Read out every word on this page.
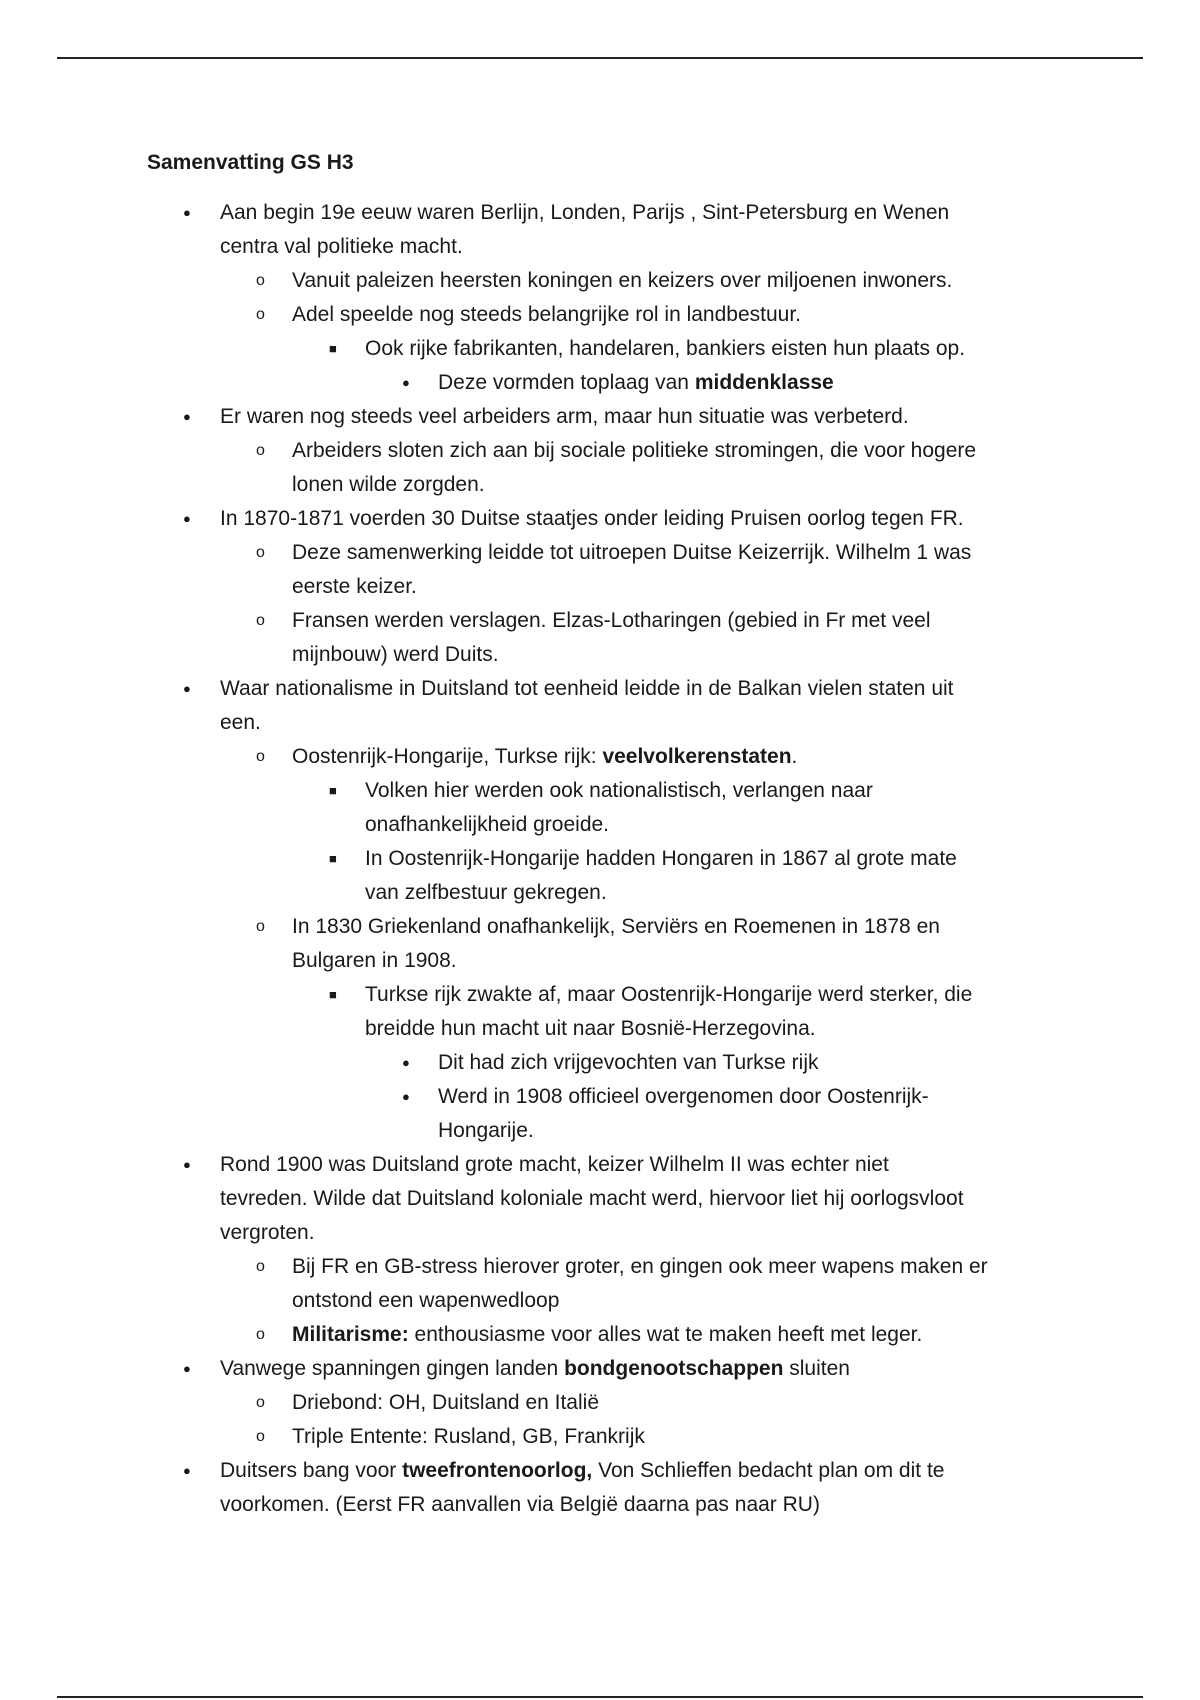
Samenvatting GS H3
● Aan begin 19e eeuw waren Berlijn, Londen, Parijs , Sint-Petersburg en Wenen
centra val politieke macht.
o Vanuit paleizen heersten koningen en keizers over miljoenen inwoners.
o Adel speelde nog steeds belangrijke rol in landbestuur.
■ Ook rijke fabrikanten, handelaren, bankiers eisten hun plaats op.
● Deze vormden toplaag van middenklasse
● Er waren nog steeds veel arbeiders arm, maar hun situatie was verbeterd.
o Arbeiders sloten zich aan bij sociale politieke stromingen, die voor hogere
lonen wilde zorgden.
● In 1870-1871 voerden 30 Duitse staatjes onder leiding Pruisen oorlog tegen FR.
o Deze samenwerking leidde tot uitroepen Duitse Keizerrijk. Wilhelm 1 was
eerste keizer.
o Fransen werden verslagen. Elzas-Lotharingen (gebied in Fr met veel
mijnbouw) werd Duits.
● Waar nationalisme in Duitsland tot eenheid leidde in de Balkan vielen staten uit
een.
o Oostenrijk-Hongarije, Turkse rijk: veelvolkerenstaten.
■ Volken hier werden ook nationalistisch, verlangen naar
onafhankelijkheid groeide.
■ In Oostenrijk-Hongarije hadden Hongaren in 1867 al grote mate
van zelfbestuur gekregen.
o In 1830 Griekenland onafhankelijk, Serviërs en Roemenen in 1878 en
Bulgaren in 1908.
■ Turkse rijk zwakte af, maar Oostenrijk-Hongarije werd sterker, die
breidde hun macht uit naar Bosnië-Herzegovina.
● Dit had zich vrijgevochten van Turkse rijk
● Werd in 1908 officieel overgenomen door Oostenrijk-
Hongarije.
● Rond 1900 was Duitsland grote macht, keizer Wilhelm II was echter niet
tevreden. Wilde dat Duitsland koloniale macht werd, hiervoor liet hij oorlogsvloot
vergroten.
o Bij FR en GB-stress hierover groter, en gingen ook meer wapens maken er
ontstond een wapenwedloop
o Militarisme: enthousiasme voor alles wat te maken heeft met leger.
● Vanwege spanningen gingen landen bondgenootschappen sluiten
o Driebond: OH, Duitsland en Italië
o Triple Entente: Rusland, GB, Frankrijk
● Duitsers bang voor tweefrontenoorlog, Von Schlieffen bedacht plan om dit te
voorkomen. (Eerst FR aanvallen via België daarna pas naar RU)
